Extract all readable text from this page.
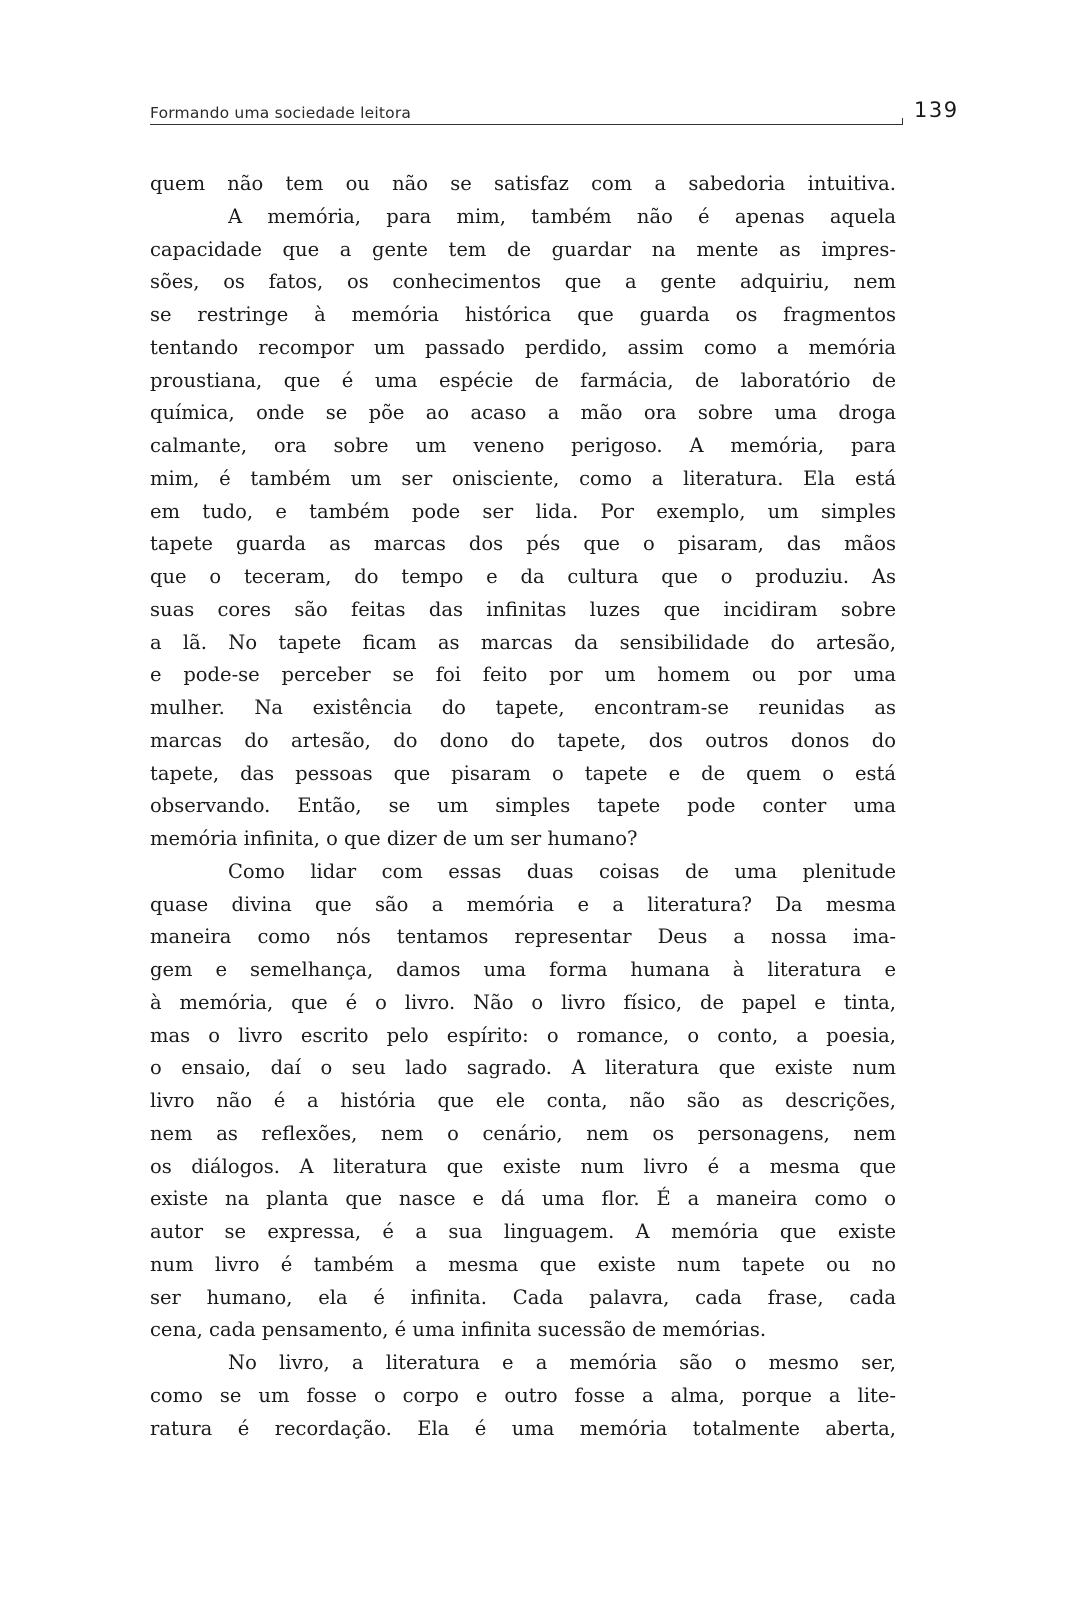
Formando uma sociedade leitora	139
quem não tem ou não se satisfaz com a sabedoria intuitiva.
A memória, para mim, também não é apenas aquela
capacidade que a gente tem de guardar na mente as impres-
sões, os fatos, os conhecimentos que a gente adquiriu, nem
se restringe à memória histórica que guarda os fragmentos
tentando recompor um passado perdido, assim como a memória
proustiana, que é uma espécie de farmácia, de laboratório de
química, onde se põe ao acaso a mão ora sobre uma droga
calmante, ora sobre um veneno perigoso. A memória, para
mim, é também um ser onisciente, como a literatura. Ela está
em tudo, e também pode ser lida. Por exemplo, um simples
tapete guarda as marcas dos pés que o pisaram, das mãos
que o teceram, do tempo e da cultura que o produziu. As
suas cores são feitas das infinitas luzes que incidiram sobre
a lã. No tapete ficam as marcas da sensibilidade do artesão,
e pode-se perceber se foi feito por um homem ou por uma
mulher. Na existência do tapete, encontram-se reunidas as
marcas do artesão, do dono do tapete, dos outros donos do
tapete, das pessoas que pisaram o tapete e de quem o está
observando. Então, se um simples tapete pode conter uma
memória infinita, o que dizer de um ser humano?
Como lidar com essas duas coisas de uma plenitude
quase divina que são a memória e a literatura? Da mesma
maneira como nós tentamos representar Deus a nossa ima-
gem e semelhança, damos uma forma humana à literatura e
à memória, que é o livro. Não o livro físico, de papel e tinta,
mas o livro escrito pelo espírito: o romance, o conto, a poesia,
o ensaio, daí o seu lado sagrado. A literatura que existe num
livro não é a história que ele conta, não são as descrições,
nem as reflexões, nem o cenário, nem os personagens, nem
os diálogos. A literatura que existe num livro é a mesma que
existe na planta que nasce e dá uma flor. É a maneira como o
autor se expressa, é a sua linguagem. A memória que existe
num livro é também a mesma que existe num tapete ou no
ser humano, ela é infinita. Cada palavra, cada frase, cada
cena, cada pensamento, é uma infinita sucessão de memórias.
No livro, a literatura e a memória são o mesmo ser,
como se um fosse o corpo e outro fosse a alma, porque a lite-
ratura é recordação. Ela é uma memória totalmente aberta,
